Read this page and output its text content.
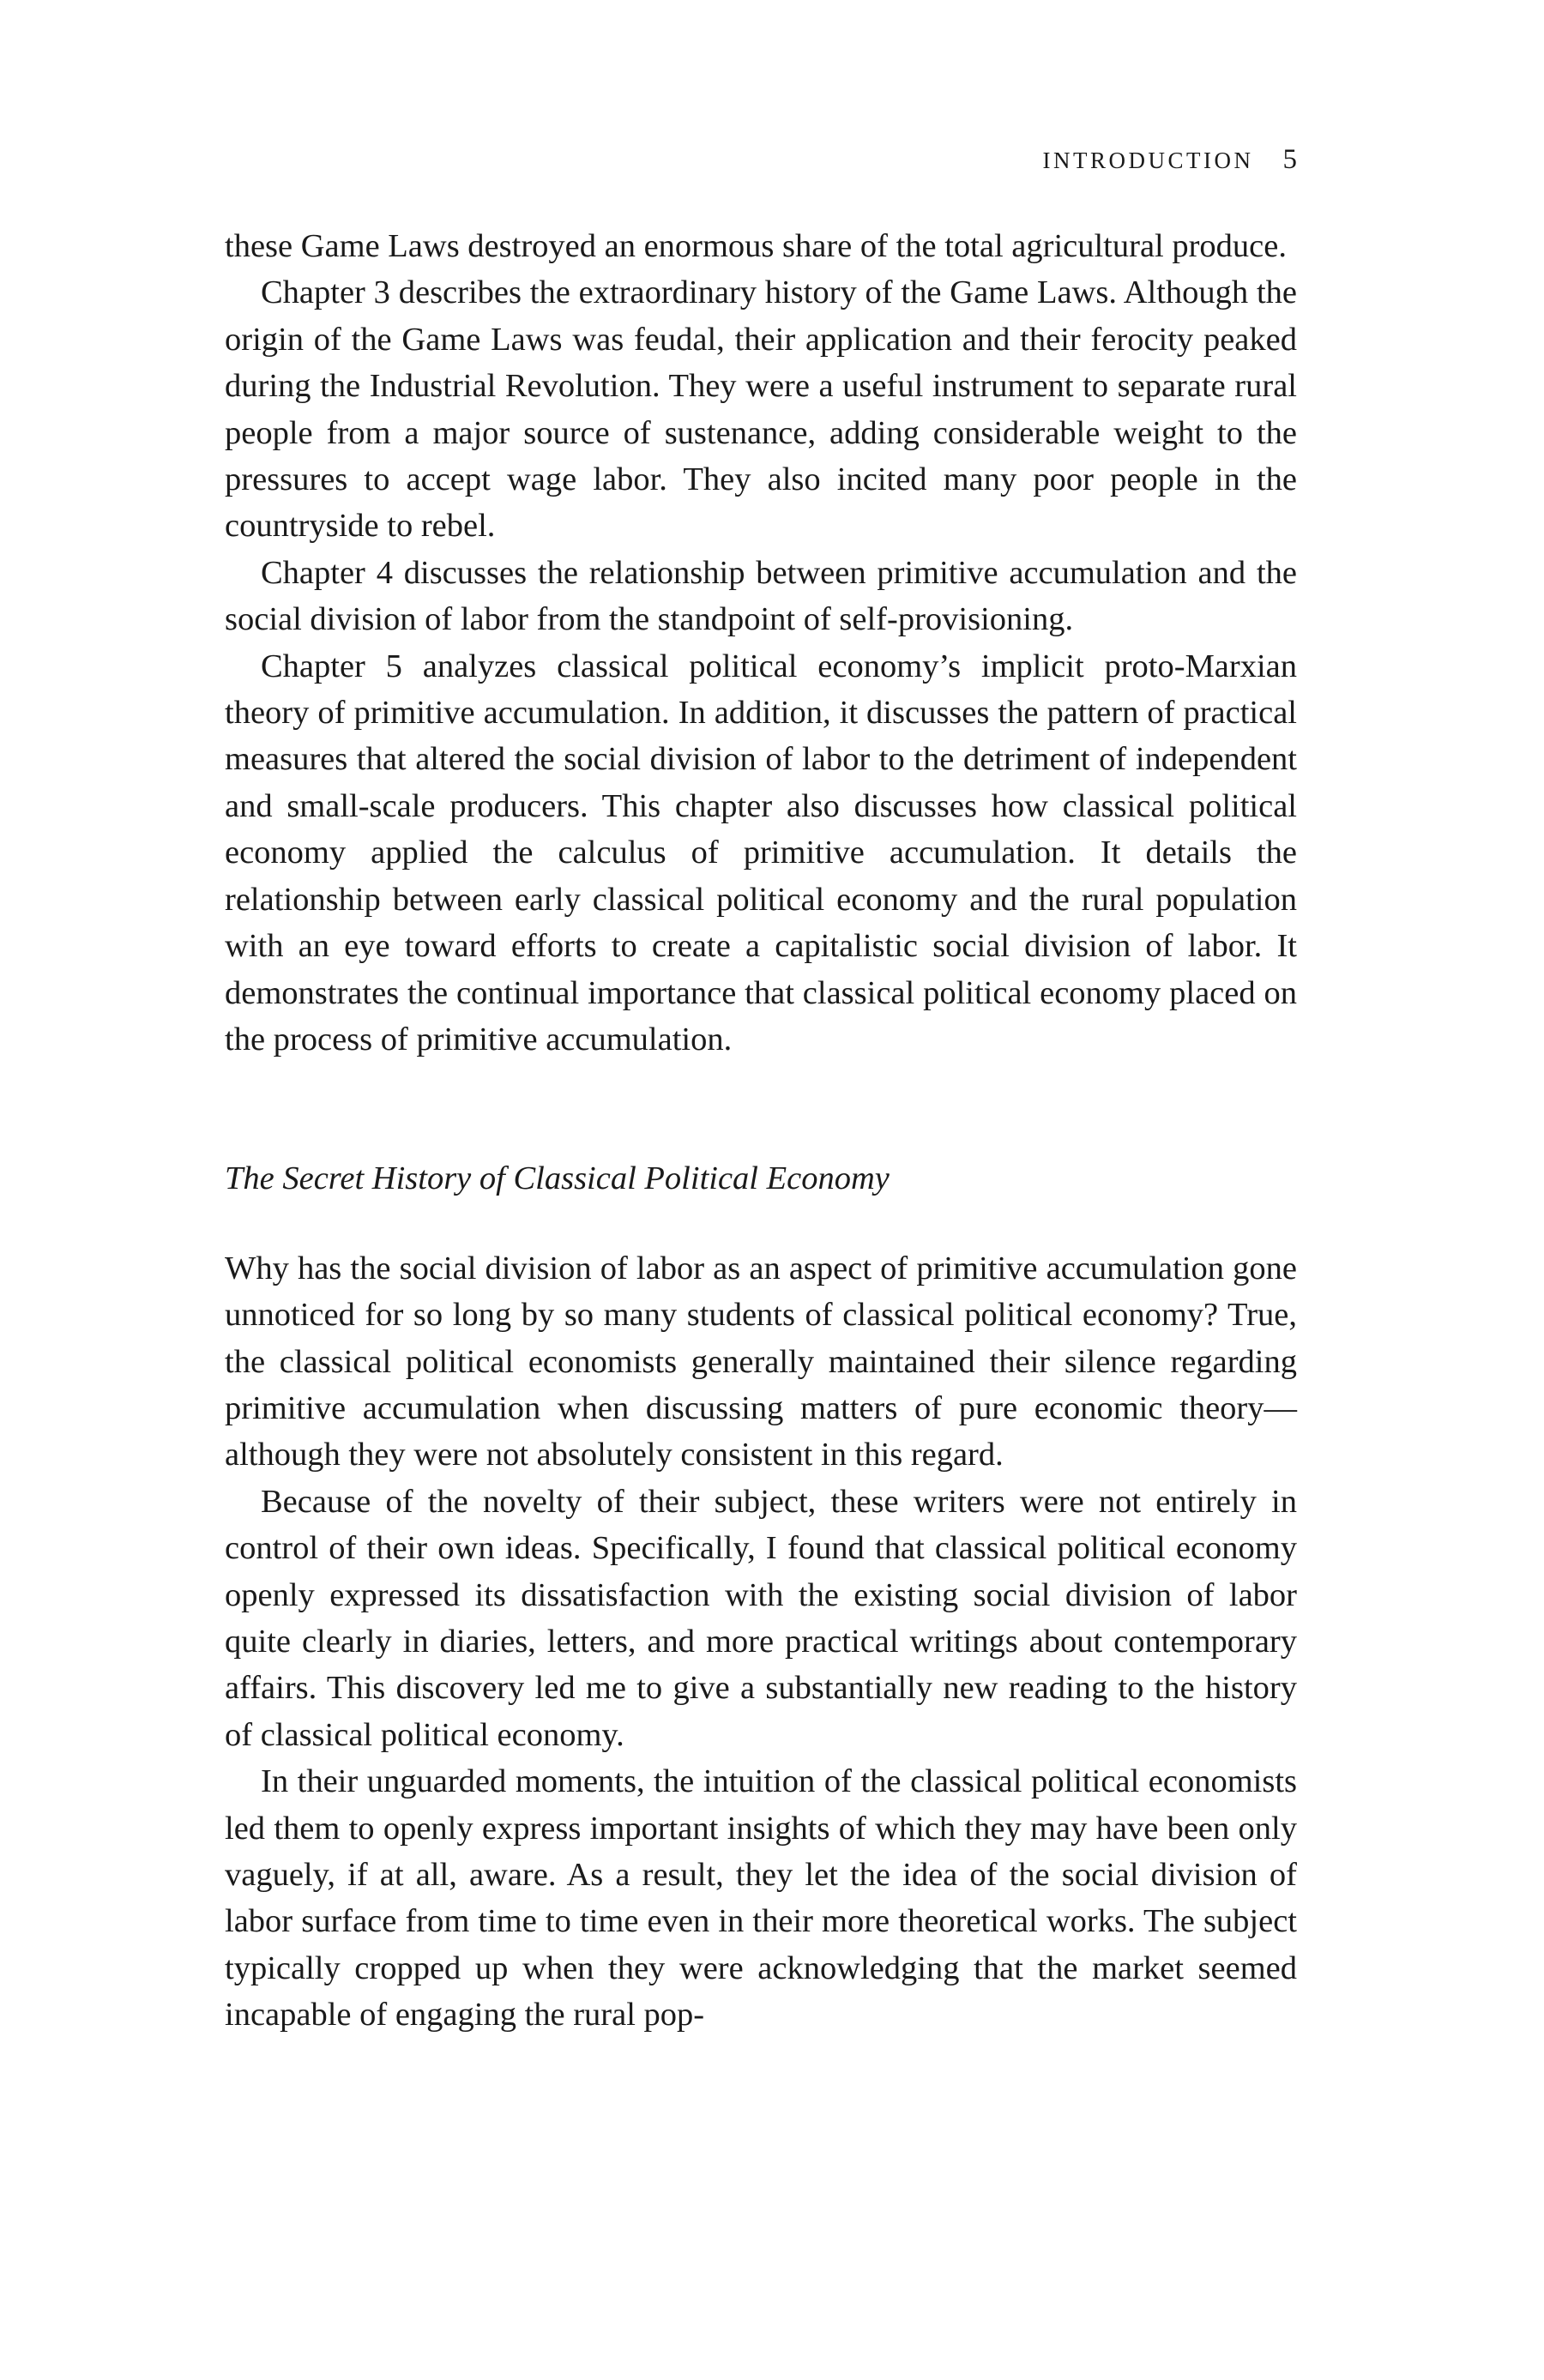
INTRODUCTION 5

these Game Laws destroyed an enormous share of the total agricultural produce.

Chapter 3 describes the extraordinary history of the Game Laws. Although the origin of the Game Laws was feudal, their application and their ferocity peaked during the Industrial Revolution. They were a useful instrument to separate rural people from a major source of sustenance, adding considerable weight to the pressures to accept wage labor. They also incited many poor people in the countryside to rebel.

Chapter 4 discusses the relationship between primitive accumulation and the social division of labor from the standpoint of self-provisioning.

Chapter 5 analyzes classical political economy’s implicit proto-Marxian theory of primitive accumulation. In addition, it discusses the pattern of practical measures that altered the social division of labor to the detriment of independent and small-scale producers. This chapter also discusses how classical political economy applied the calculus of primitive accumulation. It details the relationship between early classical political economy and the rural population with an eye toward efforts to create a capitalistic social division of labor. It demonstrates the continual importance that classical political economy placed on the process of primitive accumulation.

The Secret History of Classical Political Economy

Why has the social division of labor as an aspect of primitive accumulation gone unnoticed for so long by so many students of classical political economy? True, the classical political economists generally maintained their silence regarding primitive accumulation when discussing matters of pure economic theory—although they were not absolutely consistent in this regard.

Because of the novelty of their subject, these writers were not entirely in control of their own ideas. Specifically, I found that classical political economy openly expressed its dissatisfaction with the existing social division of labor quite clearly in diaries, letters, and more practical writings about contemporary affairs. This discovery led me to give a substantially new reading to the history of classical political economy.

In their unguarded moments, the intuition of the classical political economists led them to openly express important insights of which they may have been only vaguely, if at all, aware. As a result, they let the idea of the social division of labor surface from time to time even in their more theoretical works. The subject typically cropped up when they were acknowledging that the market seemed incapable of engaging the rural pop-
